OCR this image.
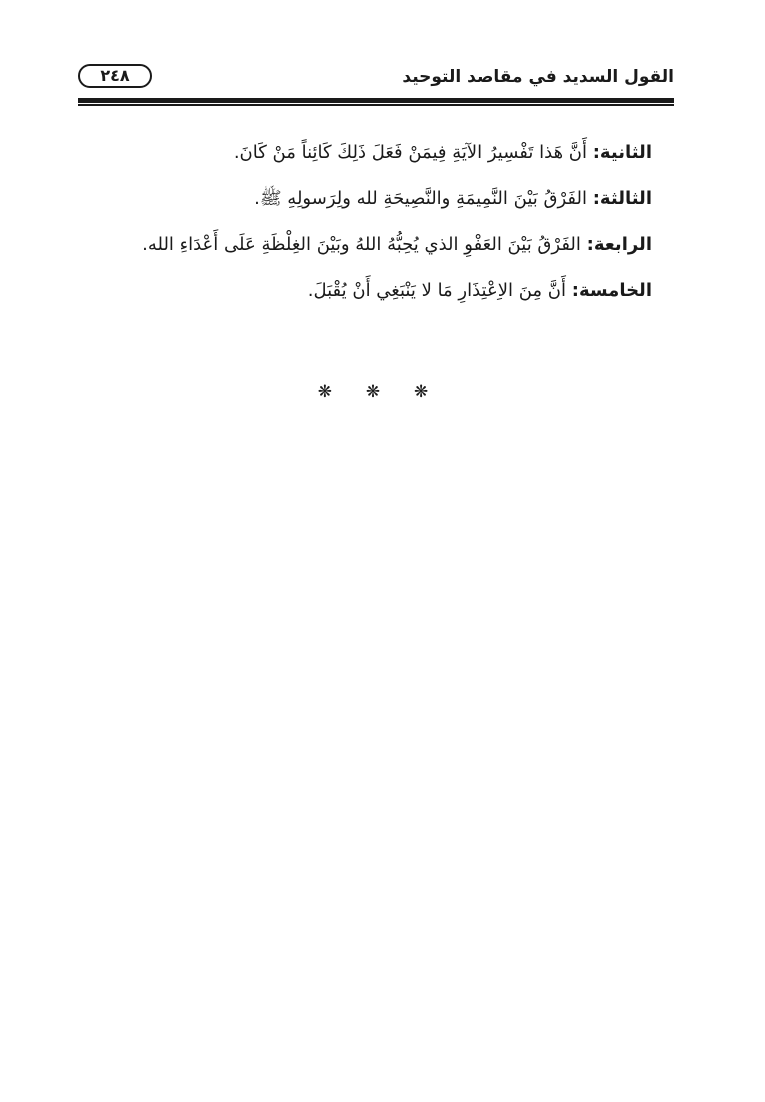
القول السديد في مقاصد التوحيد
٢٤٨
الثانية: أَنَّ هَذا تَفْسِيرُ الآيَةِ فِيمَنْ فَعَلَ ذَلِكَ كَائِناً مَنْ كَانَ.
الثالثة: الفَرْقُ بَيْنَ النَّمِيمَةِ والنَّصِيحَةِ لله ولِرَسولِهِ ﷺ.
الرابعة: الفَرْقُ بَيْنَ العَفْوِ الذي يُحِبُّهُ اللهُ وبَيْنَ الغِلْظَةِ عَلَى أَعْدَاءِ الله.
الخامسة: أَنَّ مِنَ الاِعْتِذَارِ مَا لا يَنْبَغِي أَنْ يُقْبَلَ.
❋ ❋ ❋
